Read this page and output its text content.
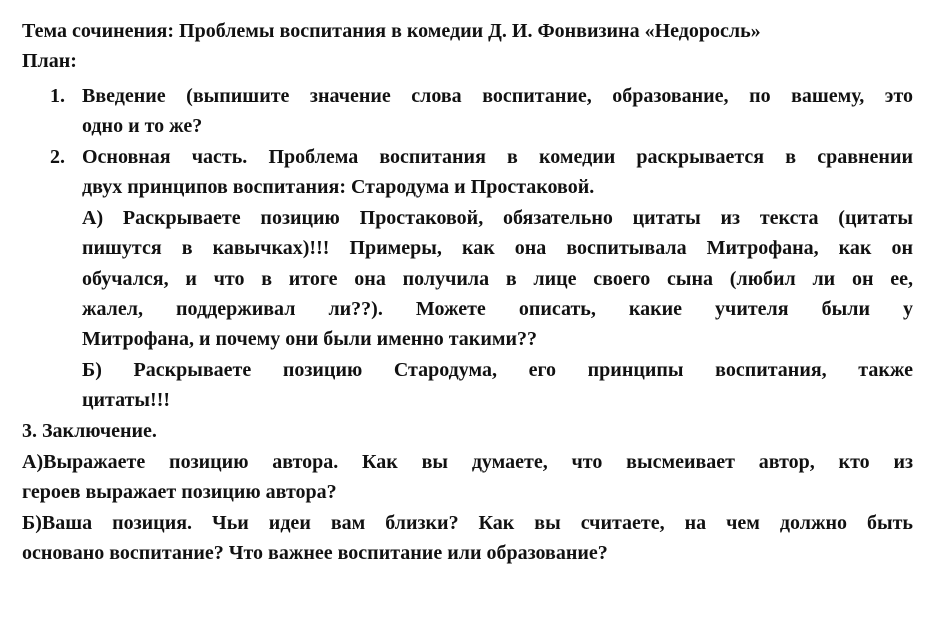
Тема сочинения: Проблемы воспитания в комедии Д. И. Фонвизина «Недоросль»
План:
1. Введение (выпишите значение слова воспитание, образование, по вашему, это
одно и то же?
2. Основная часть. Проблема воспитания в комедии раскрывается в сравнении
двух принципов воспитания: Стародума и Простаковой.
А) Раскрываете позицию Простаковой, обязательно цитаты из текста (цитаты
пишутся в кавычках)!!! Примеры, как она воспитывала Митрофана, как он
обучался, и что в итоге она получила в лице своего сына (любил ли он ее,
жалел, поддерживал ли??). Можете описать, какие учителя были у
Митрофана, и почему они были именно такими??
Б) Раскрываете позицию Стародума, его принципы воспитания, также
цитаты!!!
3. Заключение.
А)Выражаете позицию автора. Как вы думаете, что высмеивает автор, кто из
героев выражает позицию автора?
Б)Ваша позиция. Чьи идеи вам близки? Как вы считаете, на чем должно быть
основано воспитание? Что важнее воспитание или образование?
